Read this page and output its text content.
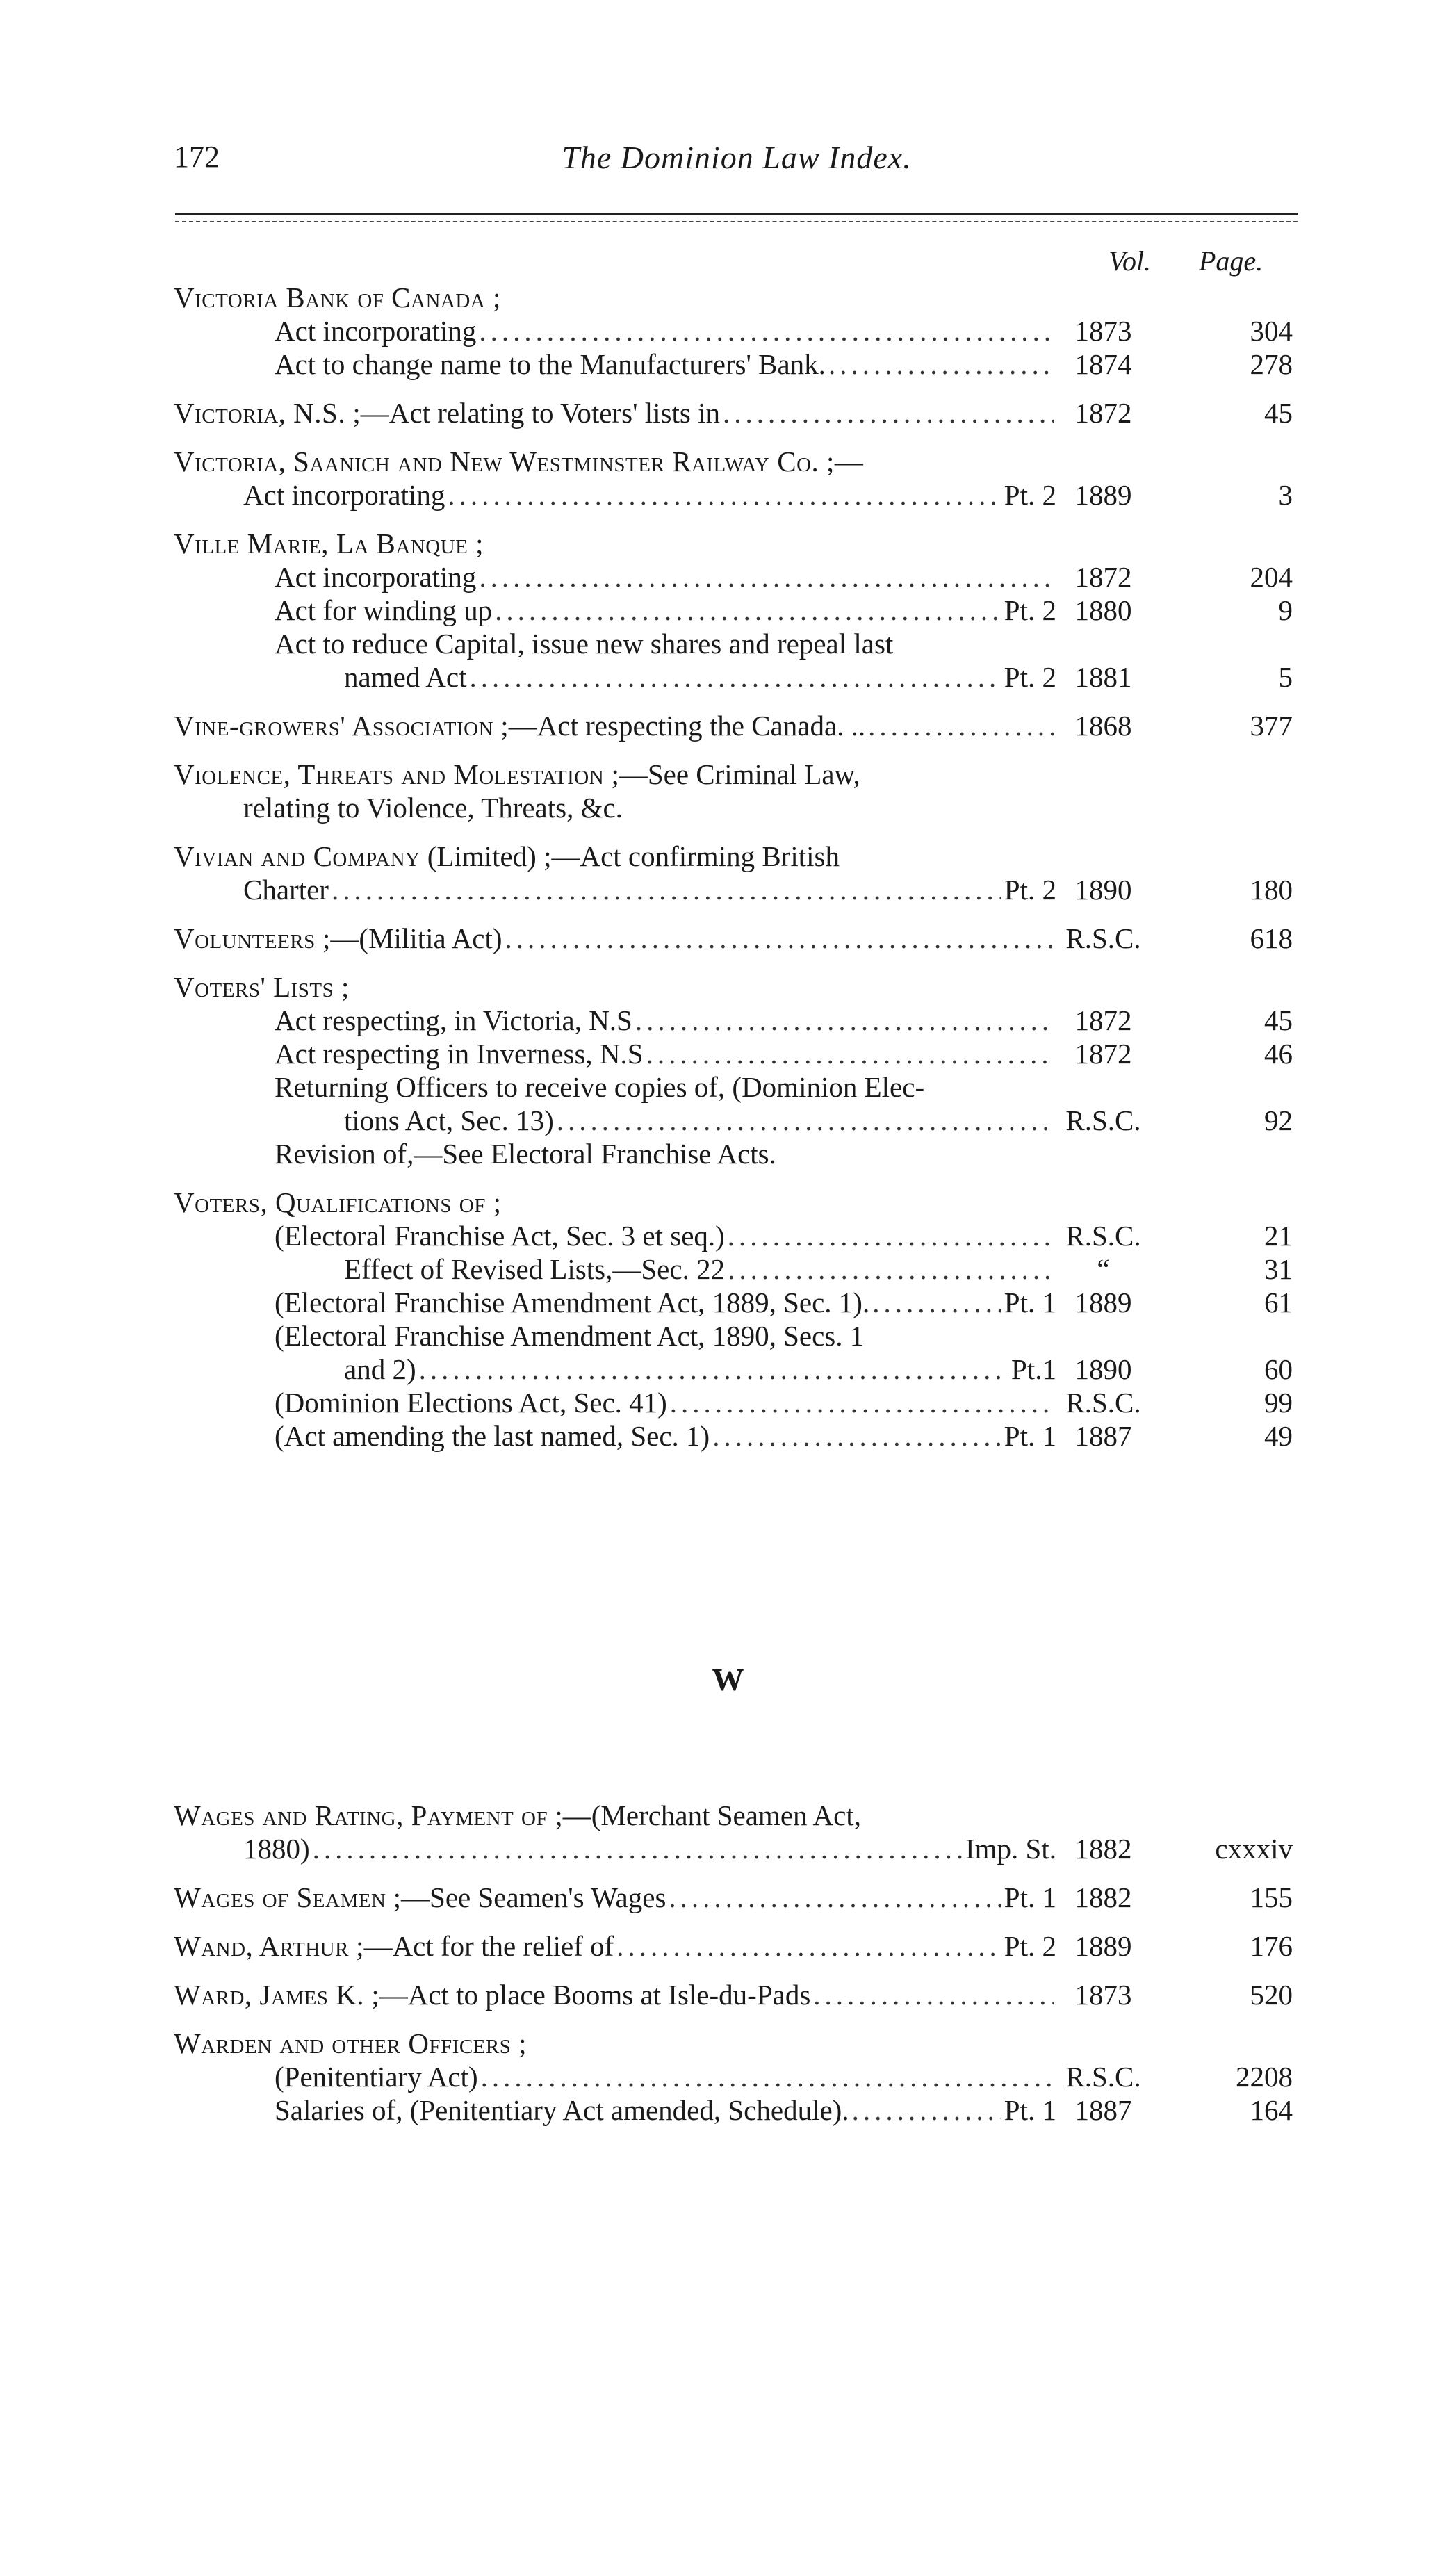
172	The Dominion Law Index.
Vol.	Page.
Victoria Bank of Canada ;
Act incorporating .....	1873	304
Act to change name to the Manufacturers' Bank. .....	1874	278
Victoria, N.S. ;—Act relating to Voters' lists in .....	1872	45
Victoria, Saanich and New Westminster Railway Co. ;—
Act incorporating .....	Pt. 2 1889	3
Ville Marie, La Banque ;
Act incorporating .....	1872	204
Act for winding up .....	Pt. 2 1880	9
Act to reduce Capital, issue new shares and repeal last
named Act .....	Pt. 2 1881	5
Vine-growers' Association ;—Act respecting the Canada. .. .....	1868	377
Violence, Threats and Molestation ;—See Criminal Law,
relating to Violence, Threats, &c.
Vivian and Company (Limited) ;—Act confirming British
Charter .....	Pt. 2 1890	180
Volunteers ;—(Militia Act) .....	R.S.C.	618
Voters' Lists ;
Act respecting, in Victoria, N.S .....	1872	45
Act respecting in Inverness, N.S .....	1872	46
Returning Officers to receive copies of, (Dominion Elec-
tions Act, Sec. 13) .....	R.S.C.	92
Revision of,—See Electoral Franchise Acts.
Voters, Qualifications of ;
(Electoral Franchise Act, Sec. 3 et seq.) .....	R.S.C.	21
Effect of Revised Lists,—Sec. 22 .....	“	31
(Electoral Franchise Amendment Act, 1889, Sec. 1). .....	Pt. 1 1889	61
(Electoral Franchise Amendment Act, 1890, Secs. 1
and 2) .....	Pt.1 1890	60
(Dominion Elections Act, Sec. 41) .....	R.S.C.	99
(Act amending the last named, Sec. 1) .....	Pt. 1 1887	49
W
Wages and Rating, Payment of ;—(Merchant Seamen Act,
1880) .....	Imp. St. 1882	cxxxiv
Wages of Seamen ;—See Seamen's Wages .....	Pt. 1 1882	155
Wand, Arthur ;—Act for the relief of .....	Pt. 2 1889	176
Ward, James K. ;—Act to place Booms at Isle-du-Pads .....	1873	520
Warden and other Officers ;
(Penitentiary Act) .....	R.S.C.	2208
Salaries of, (Penitentiary Act amended, Schedule). .....	Pt. 1 1887	164
